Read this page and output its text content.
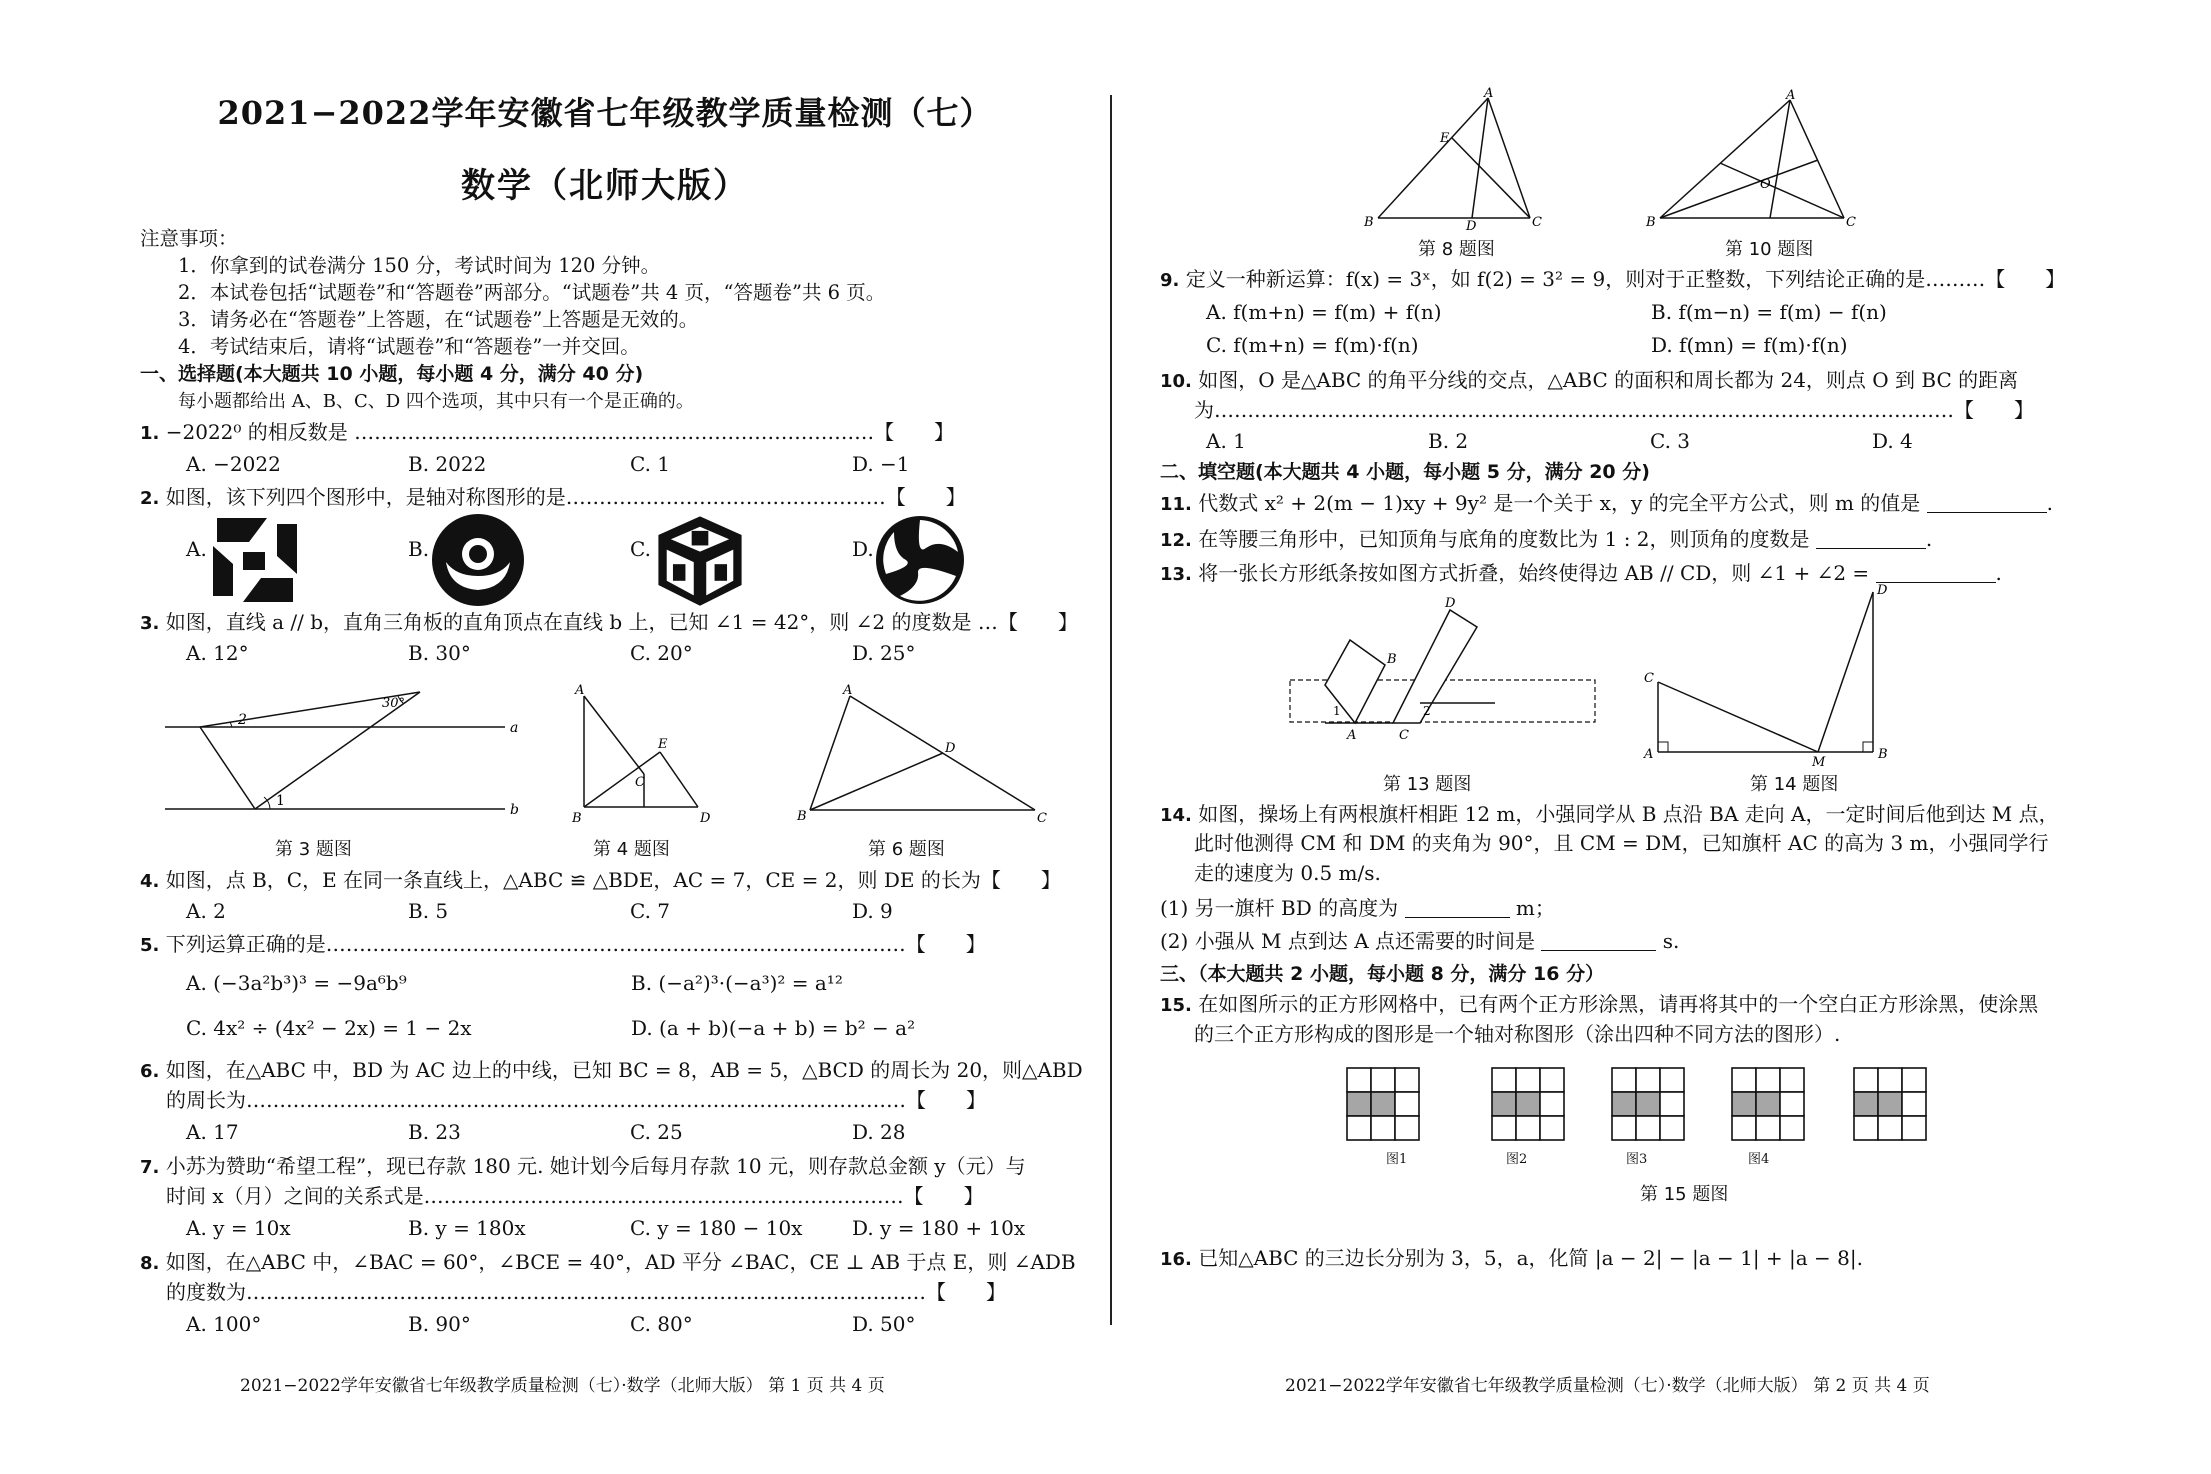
2021−2022学年安徽省七年级教学质量检测（七）
数学（北师大版）
注意事项：
1．你拿到的试卷满分 150 分，考试时间为 120 分钟。
2．本试卷包括“试题卷”和“答题卷”两部分。“试题卷”共 4 页，“答题卷”共 6 页。
3．请务必在“答题卷”上答题，在“试题卷”上答题是无效的。
4．考试结束后，请将“试题卷”和“答题卷”一并交回。
一、选择题(本大题共 10 小题，每小题 4 分，满分 40 分)
每小题都给出 A、B、C、D 四个选项，其中只有一个是正确的。
1. −2022⁰ 的相反数是 ……………………………………………………………………【　　】
A. −2022	B. 2022	C. 1	D. −1
2. 如图，该下列四个图形中，是轴对称图形的是…………………………………………【　　】
A.	B.	C.	D.
3. 如图，直线 a // b，直角三角板的直角顶点在直线 b 上，已知 ∠1 = 42°，则 ∠2 的度数是 …【　　】
A. 12°	B. 30°	C. 20°	D. 25°
2
30°
1
a
b
第 3 题图
A
E
C
B	D
第 4 题图
A
D
B	C
第 6 题图
4. 如图，点 B，C，E 在同一条直线上，△ABC ≌ △BDE，AC = 7，CE = 2，则 DE 的长为【　　】
A. 2	B. 5	C. 7	D. 9
5. 下列运算正确的是……………………………………………………………………………【　　】
A. (−3a²b³)³ = −9a⁶b⁹	B. (−a²)³·(−a³)² = a¹²
C. 4x² ÷ (4x² − 2x) = 1 − 2x	D. (a + b)(−a + b) = b² − a²
6. 如图，在△ABC 中，BD 为 AC 边上的中线，已知 BC = 8，AB = 5，△BCD 的周长为 20，则△ABD
的周长为………………………………………………………………………………………【　　】
A. 17	B. 23	C. 25	D. 28
7. 小苏为赞助“希望工程”，现已存款 180 元. 她计划今后每月存款 10 元，则存款总金额 y（元）与
时间 x（月）之间的关系式是………………………………………………………………【　　】
A. y = 10x	B. y = 180x	C. y = 180 − 10x	D. y = 180 + 10x
8. 如图，在△ABC 中，∠BAC = 60°，∠BCE = 40°，AD 平分 ∠BAC，CE ⊥ AB 于点 E，则 ∠ADB
的度数为…………………………………………………………………………………………【　　】
A. 100°	B. 90°	C. 80°	D. 50°
2021−2022学年安徽省七年级教学质量检测（七）·数学（北师大版） 第 1 页 共 4 页
A
E
B	D	C
第 8 题图
A
O
B	C
第 10 题图
9. 定义一种新运算：f(x) = 3ˣ，如 f(2) = 3² = 9，则对于正整数，下列结论正确的是………【　　】
A. f(m+n) = f(m) + f(n)	B. f(m−n) = f(m) − f(n)
C. f(m+n) = f(m)·f(n)	D. f(mn) = f(m)·f(n)
10. 如图，O 是△ABC 的角平分线的交点，△ABC 的面积和周长都为 24，则点 O 到 BC 的距离
为…………………………………………………………………………………………………【　　】
A. 1	B. 2	C. 3	D. 4
二、填空题(本大题共 4 小题，每小题 5 分，满分 20 分)
11. 代数式 x² + 2(m − 1)xy + 9y² 是一个关于 x，y 的完全平方公式，则 m 的值是	.
12. 在等腰三角形中，已知顶角与底角的度数比为 1 : 2，则顶角的度数是	.
13. 将一张长方形纸条按如图方式折叠，始终使得边 AB // CD，则 ∠1 + ∠2 =	.
B
D
1	2
A	C
第 13 题图
C
D
A
M
B
第 14 题图
14. 如图，操场上有两根旗杆相距 12 m，小强同学从 B 点沿 BA 走向 A，一定时间后他到达 M 点，
此时他测得 CM 和 DM 的夹角为 90°，且 CM = DM，已知旗杆 AC 的高为 3 m，小强同学行
走的速度为 0.5 m/s.
(1) 另一旗杆 BD 的高度为	m；
(2) 小强从 M 点到达 A 点还需要的时间是	s.
三、（本大题共 2 小题，每小题 8 分，满分 16 分）
15. 在如图所示的正方形网格中，已有两个正方形涂黑，请再将其中的一个空白正方形涂黑，使涂黑
的三个正方形构成的图形是一个轴对称图形（涂出四种不同方法的图形）.
图1	图2	图3	图4
第 15 题图
16. 已知△ABC 的三边长分别为 3，5，a，化简 |a − 2| − |a − 1| + |a − 8|.
2021−2022学年安徽省七年级教学质量检测（七）·数学（北师大版） 第 2 页 共 4 页
